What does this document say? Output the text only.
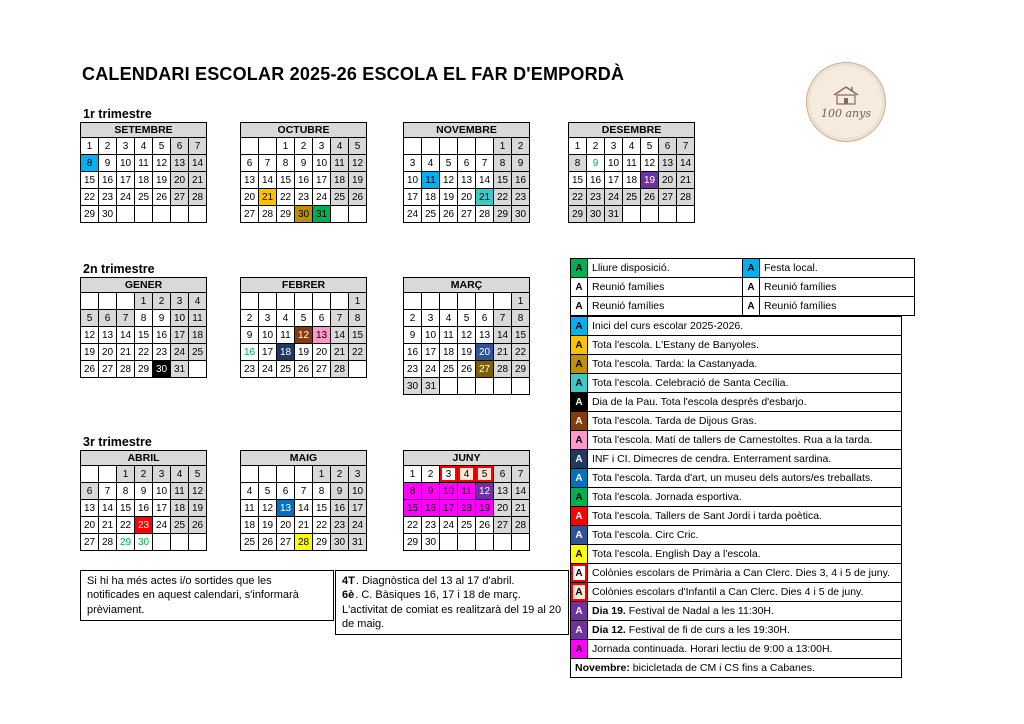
CALENDARI ESCOLAR 2025-26 ESCOLA EL FAR D'EMPORDÀ
100 anys
1r trimestre
2n trimestre
3r trimestre
SETEMBRE						
1	2	3	4	5	6	7
8	9	10	11	12	13	14
15	16	17	18	19	20	21
22	23	24	25	26	27	28
29	30					
OCTUBRE						
		1	2	3	4	5
6	7	8	9	10	11	12
13	14	15	16	17	18	19
20	21	22	23	24	25	26
27	28	29	30	31		
NOVEMBRE						
					1	2
3	4	5	6	7	8	9
10	11	12	13	14	15	16
17	18	19	20	21	22	23
24	25	26	27	28	29	30
DESEMBRE						
1	2	3	4	5	6	7
8	9	10	11	12	13	14
15	16	17	18	19	20	21
22	23	24	25	26	27	28
29	30	31				
GENER						
			1	2	3	4
5	6	7	8	9	10	11
12	13	14	15	16	17	18
19	20	21	22	23	24	25
26	27	28	29	30	31	
FEBRER						
						1
2	3	4	5	6	7	8
9	10	11	12	13	14	15
16	17	18	19	20	21	22
23	24	25	26	27	28	
MARÇ						
						1
2	3	4	5	6	7	8
9	10	11	12	13	14	15
16	17	18	19	20	21	22
23	24	25	26	27	28	29
30	31					
ABRIL						
		1	2	3	4	5
6	7	8	9	10	11	12
13	14	15	16	17	18	19
20	21	22	23	24	25	26
27	28	29	30			
MAIG						
				1	2	3
4	5	6	7	8	9	10
11	12	13	14	15	16	17
18	19	20	21	22	23	24
25	26	27	28	29	30	31
JUNY						
1	2	3	4	5	6	7
8	9	10	11	12	13	14
15	16	17	18	19	20	21
22	23	24	25	26	27	28
29	30					
A	Lliure disposició.	A	Festa local.
A	Reunió famílies	A	Reunió famílies
A	Reunió famílies	A	Reunió famílies
A	Inici del curs escolar 2025-2026.
A	Tota l'escola. L'Estany de Banyoles.
A	Tota l'escola. Tarda: la Castanyada.
A	Tota l'escola. Celebració de Santa Cecília.
A	Dia de la Pau. Tota l'escola després d'esbarjo.
A	Tota l'escola. Tarda de Dijous Gras.
A	Tota l'escola. Matí de tallers de Carnestoltes. Rua a la tarda.
A	INF i CI. Dimecres de cendra. Enterrament sardina.
A	Tota l'escola. Tarda d'art, un museu dels autors/es treballats.
A	Tota l'escola. Jornada esportiva.
A	Tota l'escola. Tallers de Sant Jordi i tarda poètica.
A	Tota l'escola. Circ Cric.
A	Tota l'escola. English Day a l'escola.
A	Colònies escolars de Primària a Can Clerc. Dies 3, 4 i 5 de juny.
A	Colònies escolars d'Infantil a Can Clerc. Dies 4 i 5 de juny.
A	Dia 19. Festival de Nadal a les 11:30H.
A	Dia 12. Festival de fi de curs a les 19:30H.
A	Jornada continuada. Horari lectiu de 9:00 a 13:00H.
Novembre: bicicletada de CM i CS fins a Cabanes.	
Si hi ha més actes i/o sortides que les notificades en aquest calendari, s'informarà prèviament.
4T. Diagnòstica del 13 al 17 d'abril.
6è. C. Bàsiques 16, 17 i 18 de març.
L'activitat de comiat es realitzarà del 19 al 20 de maig.
